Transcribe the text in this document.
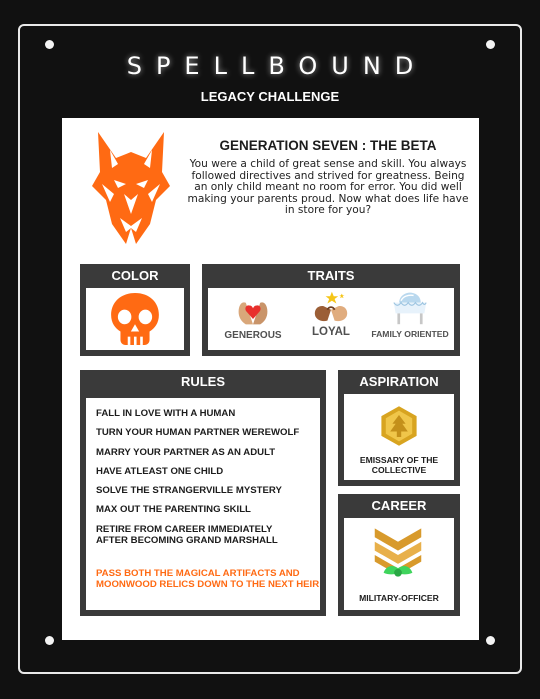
SPELLBOUND
LEGACY CHALLENGE
GENERATION SEVEN : THE BETA
You were a child of great sense and skill. You always followed directives and strived for greatness. Being an only child meant no room for error. You did well making your parents proud. Now what does life have in store for you?
COLOR	TRAITS
GENEROUS	LOYAL	FAMILY ORIENTED
RULES
FALL IN LOVE WITH A HUMAN
TURN YOUR HUMAN PARTNER WEREWOLF
MARRY YOUR PARTNER AS AN ADULT
HAVE ATLEAST ONE CHILD
SOLVE THE STRANGERVILLE MYSTERY
MAX OUT THE PARENTING SKILL
RETIRE FROM CAREER IMMEDIATELY AFTER BECOMING GRAND MARSHALL
PASS BOTH THE MAGICAL ARTIFACTS AND MOONWOOD RELICS DOWN TO THE NEXT HEIR
ASPIRATION
EMISSARY OF THE COLLECTIVE
CAREER
MILITARY-OFFICER
